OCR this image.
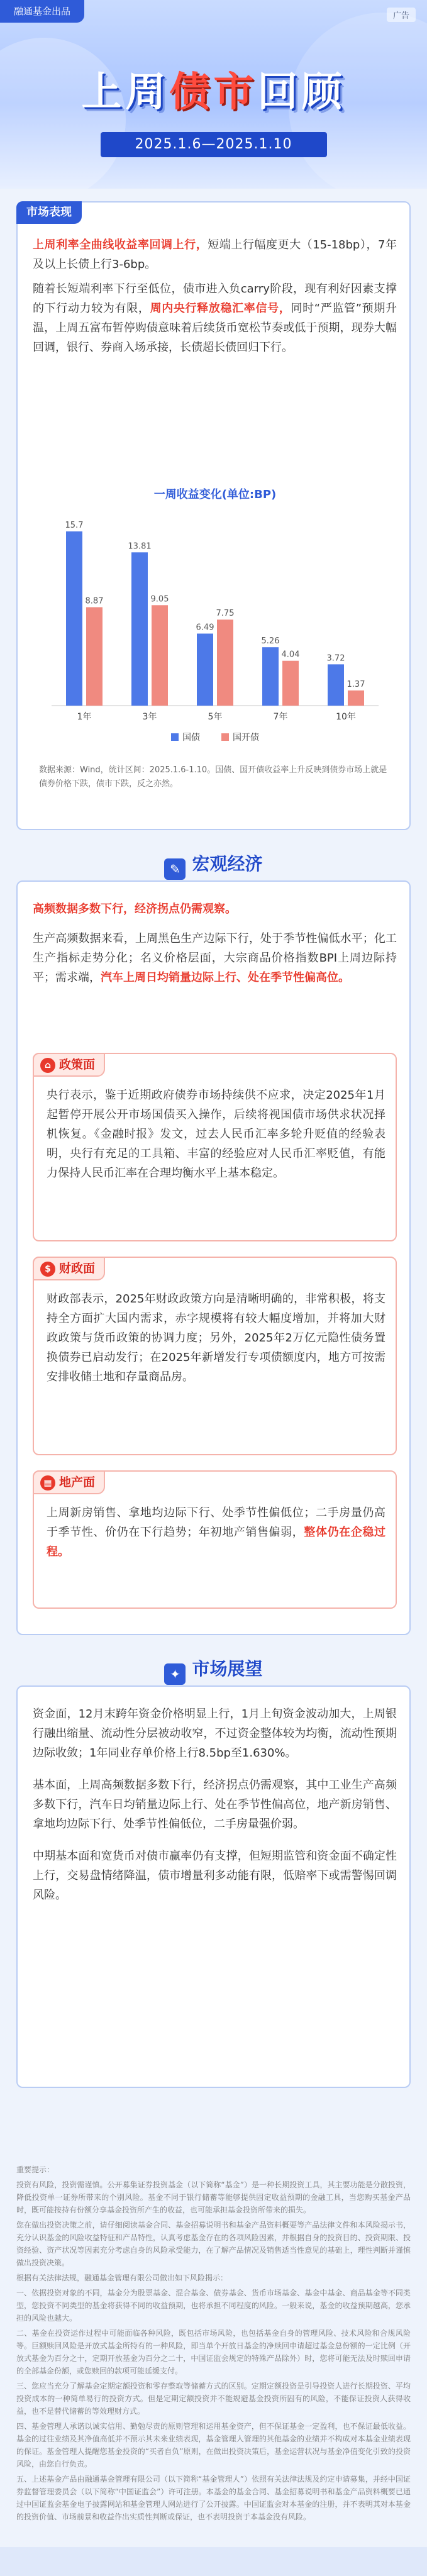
融通基金出品	广告
上周债市回顾
2025.1.6—2025.1.10
市场表现

上周利率全曲线收益率回调上行，短端上行幅度更大（15-18bp），7年及以上长债上行3-6bp。

随着长短端利率下行至低位，债市进入负carry阶段，现有利好因素支撑的下行动力较为有限，周内央行释放稳汇率信号，同时“严监管”预期升温，上周五富布暂停购债意味着后续货币宽松节奏或低于预期，现券大幅回调，银行、券商入场承接，长债超长债回归下行。

一周收益变化(单位:BP)
15.7
8.87
1年
13.81
9.05
3年
6.49
7.75
5年
5.26
4.04
7年
3.72
1.37
10年
国债	国开债
数据来源：Wind，统计区间：2025.1.6-1.10。国债、国开债收益率上升反映到债券市场上就是债券价格下跌，债市下跌，反之亦然。
✎ 宏观经济

高频数据多数下行，经济拐点仍需观察。

生产高频数据来看，上周黑色生产边际下行，处于季节性偏低水平；化工生产指标走势分化；名义价格层面，大宗商品价格指数BPI上周边际持平；需求端，汽车上周日均销量边际上行、处在季节性偏高位。

⌂ 政策面

央行表示，鉴于近期政府债券市场持续供不应求，决定2025年1月起暂停开展公开市场国债买入操作，后续将视国债市场供求状况择机恢复。《金融时报》发文，过去人民币汇率多轮升贬值的经验表明，央行有充足的工具箱、丰富的经验应对人民币汇率贬值，有能力保持人民币汇率在合理均衡水平上基本稳定。

$ 财政面

财政部表示，2025年财政政策方向是清晰明确的，非常积极，将支持全方面扩大国内需求，赤字规模将有较大幅度增加，并将加大财政政策与货币政策的协调力度；另外，2025年2万亿元隐性债务置换债券已启动发行；在2025年新增发行专项债额度内，地方可按需安排收储土地和存量商品房。

▦ 地产面

上周新房销售、拿地均边际下行、处季节性偏低位；二手房量仍高于季节性、价仍在下行趋势；年初地产销售偏弱，整体仍在企稳过程。

✦ 市场展望

资金面，12月末跨年资金价格明显上行，1月上旬资金波动加大，上周银行融出缩量、流动性分层被动收窄，不过资金整体较为均衡，流动性预期边际收敛；1年同业存单价格上行8.5bp至1.630%。

基本面，上周高频数据多数下行，经济拐点仍需观察，其中工业生产高频多数下行，汽车日均销量边际上行、处在季节性偏高位，地产新房销售、拿地均边际下行、处季节性偏低位，二手房量强价弱。

中期基本面和宽货币对债市赢率仍有支撑，但短期监管和资金面不确定性上行，交易盘情绪降温，债市增量利多动能有限，低赔率下或需警惕回调风险。

重要提示：

投资有风险，投资需谨慎。公开募集证券投资基金（以下简称“基金”）是一种长期投资工具，其主要功能是分散投资，降低投资单一证券所带来的个别风险。基金不同于银行储蓄等能够提供固定收益预期的金融工具，当您购买基金产品时，既可能按持有份额分享基金投资所产生的收益，也可能承担基金投资所带来的损失。

您在做出投资决策之前，请仔细阅读基金合同、基金招募说明书和基金产品资料概要等产品法律文件和本风险揭示书，充分认识基金的风险收益特征和产品特性，认真考虑基金存在的各项风险因素，并根据自身的投资目的、投资期限、投资经验、资产状况等因素充分考虑自身的风险承受能力，在了解产品情况及销售适当性意见的基础上，理性判断并谨慎做出投资决策。

根据有关法律法规，融通基金管理有限公司做出如下风险揭示：

一、依据投资对象的不同，基金分为股票基金、混合基金、债券基金、货币市场基金、基金中基金、商品基金等不同类型，您投资不同类型的基金将获得不同的收益预期，也将承担不同程度的风险。一般来说，基金的收益预期越高，您承担的风险也越大。

二、基金在投资运作过程中可能面临各种风险，既包括市场风险，也包括基金自身的管理风险、技术风险和合规风险等。巨额赎回风险是开放式基金所特有的一种风险，即当单个开放日基金的净赎回申请超过基金总份额的一定比例（开放式基金为百分之十，定期开放基金为百分之二十，中国证监会规定的特殊产品除外）时，您将可能无法及时赎回申请的全部基金份额，或您赎回的款项可能延缓支付。

三、您应当充分了解基金定期定额投资和零存整取等储蓄方式的区别。定期定额投资是引导投资人进行长期投资、平均投资成本的一种简单易行的投资方式。但是定期定额投资并不能规避基金投资所固有的风险，不能保证投资人获得收益，也不是替代储蓄的等效理财方式。

四、基金管理人承诺以诚实信用、勤勉尽责的原则管理和运用基金资产，但不保证基金一定盈利，也不保证最低收益。基金的过往业绩及其净值高低并不预示其未来业绩表现，基金管理人管理的其他基金的业绩并不构成对本基金业绩表现的保证。基金管理人提醒您基金投资的“买者自负”原则，在做出投资决策后，基金运营状况与基金净值变化引致的投资风险，由您自行负责。

五、上述基金产品由融通基金管理有限公司（以下简称“基金管理人”）依照有关法律法规及约定申请募集，并经中国证券监督管理委员会（以下简称“中国证监会”）许可注册。本基金的基金合同、基金招募说明书和基金产品资料概要已通过中国证监会基金电子披露网站和基金管理人网站进行了公开披露。中国证监会对本基金的注册，并不表明其对本基金的投资价值、市场前景和收益作出实质性判断或保证，也不表明投资于本基金没有风险。
